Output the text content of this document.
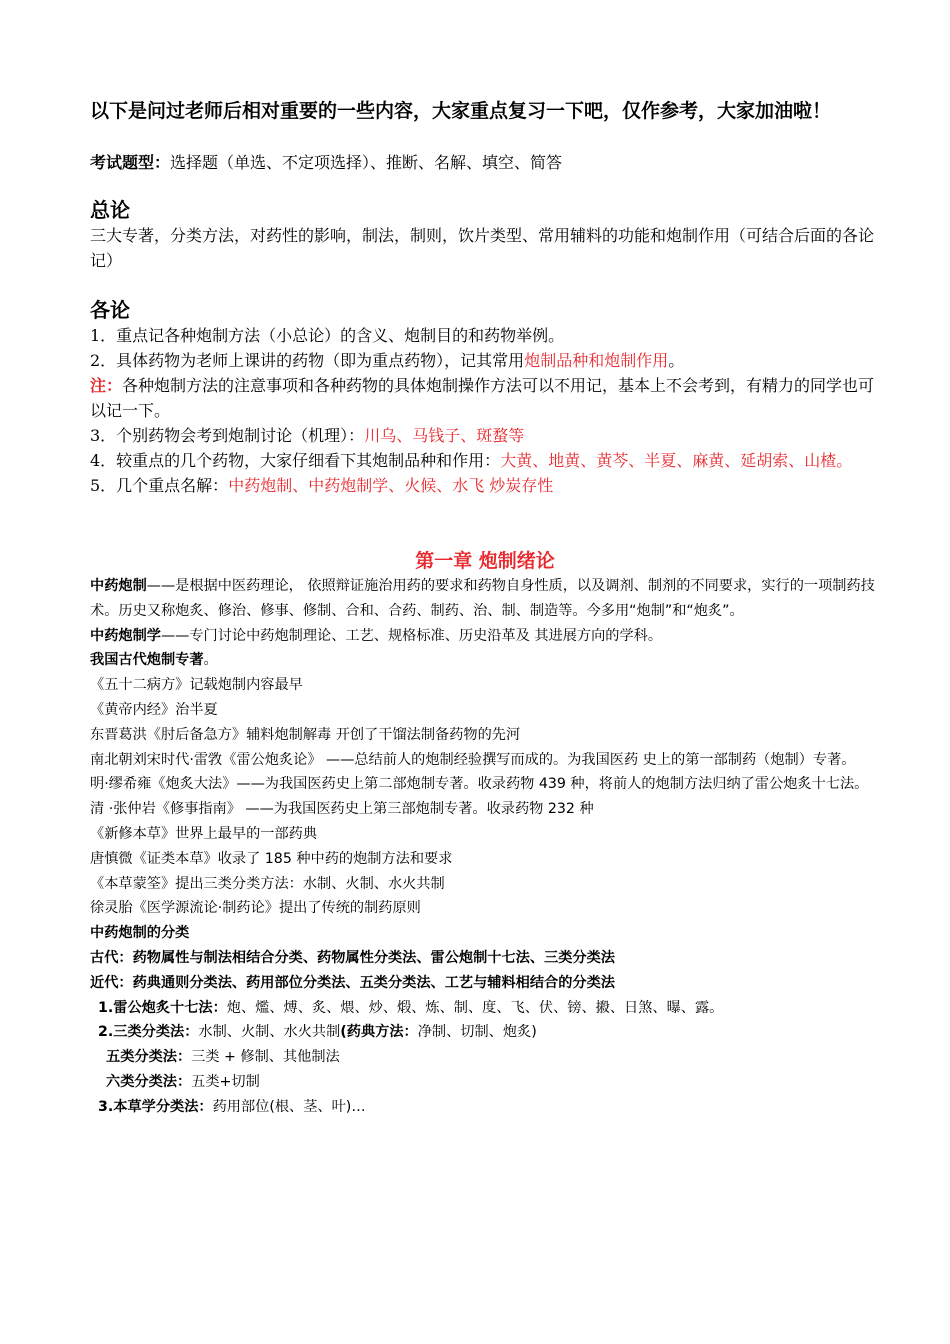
以下是问过老师后相对重要的一些内容，大家重点复习一下吧，仅作参考，大家加油啦！

考试题型：选择题（单选、不定项选择）、推断、名解、填空、简答

总论

三大专著，分类方法，对药性的影响，制法，制则，饮片类型、常用辅料的功能和炮制作用（可结合后面的各论记）

各论

1．重点记各种炮制方法（小总论）的含义、炮制目的和药物举例。

2．具体药物为老师上课讲的药物（即为重点药物），记其常用炮制品种和炮制作用。

注：各种炮制方法的注意事项和各种药物的具体炮制操作方法可以不用记，基本上不会考到，有精力的同学也可以记一下。

3．个别药物会考到炮制讨论（机理）：川乌、马钱子、斑蝥等

4．较重点的几个药物，大家仔细看下其炮制品种和作用：大黄、地黄、黄芩、半夏、麻黄、延胡索、山楂。

5．几个重点名解：中药炮制、中药炮制学、火候、水飞 炒炭存性

第一章 炮制绪论

中药炮制——是根据中医药理论， 依照辩证施治用药的要求和药物自身性质，以及调剂、制剂的不同要求，实行的一项制药技术。历史又称炮炙、修治、修事、修制、合和、合药、制药、治、制、制造等。今多用“炮制”和“炮炙”。

中药炮制学——专门讨论中药炮制理论、工艺、规格标准、历史沿革及 其进展方向的学科。

我国古代炮制专著。

《五十二病方》记载炮制内容最早

《黄帝内经》治半夏

东晋葛洪《肘后备急方》辅料炮制解毒 开创了干馏法制备药物的先河

南北朝刘宋时代·雷敩《雷公炮炙论》 ——总结前人的炮制经验撰写而成的。为我国医药 史上的第一部制药（炮制）专著。

明·缪希雍《炮炙大法》——为我国医药史上第二部炮制专著。收录药物 439 种，将前人的炮制方法归纳了雷公炮炙十七法。

清 ·张仲岩《修事指南》 ——为我国医药史上第三部炮制专著。收录药物 232 种

《新修本草》世界上最早的一部药典

唐慎微《证类本草》收录了 185 种中药的炮制方法和要求

《本草蒙筌》提出三类分类方法：水制、火制、水火共制

徐灵胎《医学源流论·制药论》提出了传统的制药原则

中药炮制的分类

古代：药物属性与制法相结合分类、药物属性分类法、雷公炮制十七法、三类分类法

近代：药典通则分类法、药用部位分类法、五类分类法、工艺与辅料相结合的分类法

1.雷公炮炙十七法：炮、爁、煿、炙、煨、炒、煅、炼、制、度、飞、伏、镑、摋、日煞、曝、露。

2.三类分类法：水制、火制、水火共制(药典方法：净制、切制、炮炙)

五类分类法：三类 + 修制、其他制法

六类分类法：五类+切制

3.本草学分类法：药用部位(根、茎、叶)…
